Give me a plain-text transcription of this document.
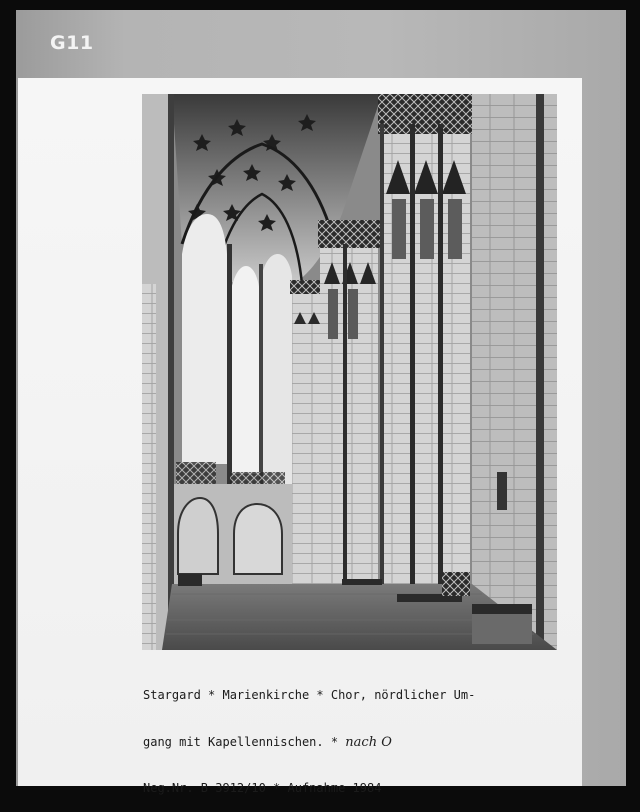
G11

Stargard * Marienkirche * Chor, nördlicher Um-

gang mit Kapellennischen. * nach O

Neg.Nr. B 3912/10 * Aufnahme 1984
